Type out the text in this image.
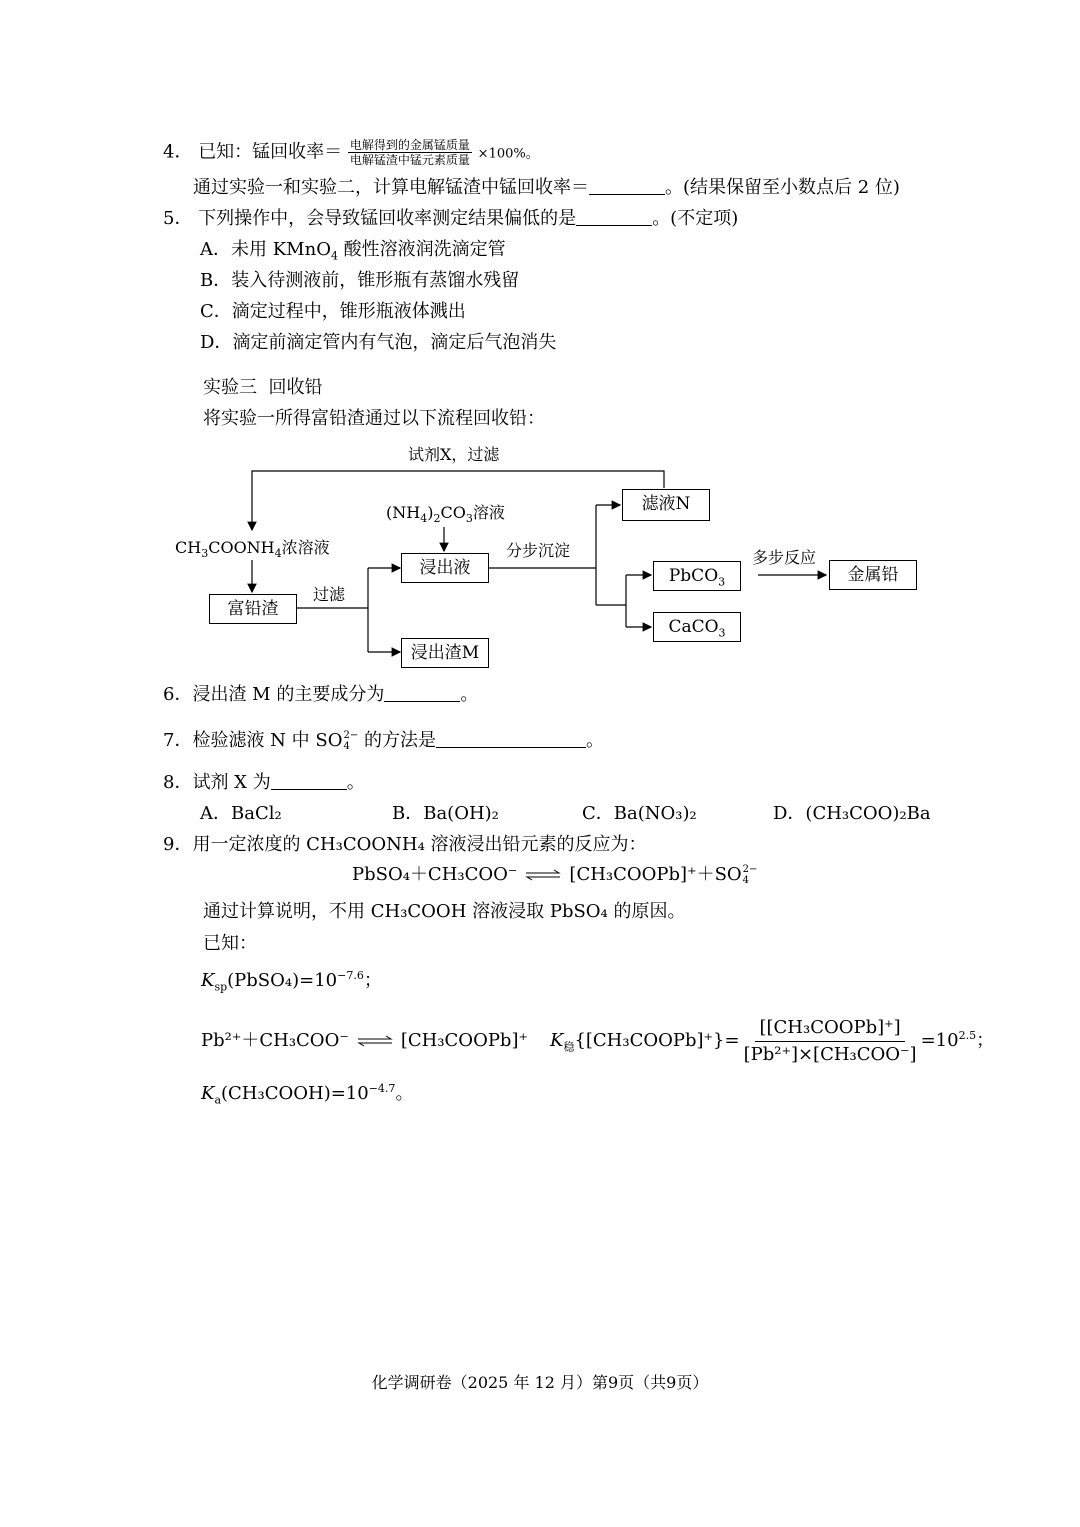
4． 已知：锰回收率＝ $\frac{\text{电解得到的金属锰质量}}{\text{电解锰渣中锰元素质量}} \times 100\%$。
通过实验一和实验二，计算电解锰渣中锰回收率＝	。(结果保留至小数点后 2 位)
5． 下列操作中，会导致锰回收率测定结果偏低的是	。(不定项)
A．未用 KMnO$_4$ 酸性溶液润洗滴定管
B．装入待测液前，锥形瓶有蒸馏水残留
C．滴定过程中，锥形瓶液体溅出
D．滴定前滴定管内有气泡，滴定后气泡消失
实验三  回收铅
将实验一所得富铅渣通过以下流程回收铅：
试剂X，过滤
$CH_3COONH_4$浓溶液
$(NH_4)_2CO_3$溶液
过滤
分步沉淀	多步反应
富铅渣
浸出液
浸出渣M
滤液N
PbCO$_3$
CaCO$_3$
金属铅
6．浸出渣 M 的主要成分为	。
7．检验滤液 N 中 SO 2−
4 的方法是	。
8．试剂 X 为	。
A．BaCl₂	B．Ba(OH)₂	C．Ba(NO₃)₂	D．(CH₃COO)₂Ba
9．用一定浓度的 CH₃COONH₄ 溶液浸出铅元素的反应为：
PbSO₄＋CH₃COO⁻ ⇌ [CH₃COOPb]⁺＋SO 2−
4
通过计算说明，不用 CH₃COOH 溶液浸取 PbSO₄ 的原因。
已知：
$K_{sp}(PbSO_4)=10^{-7.6}$；
Pb²⁺＋CH₃COO⁻ ⇌ [CH₃COOPb]⁺ $K_稳\{[CH_3COOPb]^+\}= \frac{\text{[[CH₃COOPb]⁺]}}{\text{[Pb²⁺]×[CH₃COO⁻]}} =10^{2.5}$；
$K_a(CH_3COOH)=10^{-4.7}$。
化学调研卷（2025 年 12 月）第9页（共9页）
